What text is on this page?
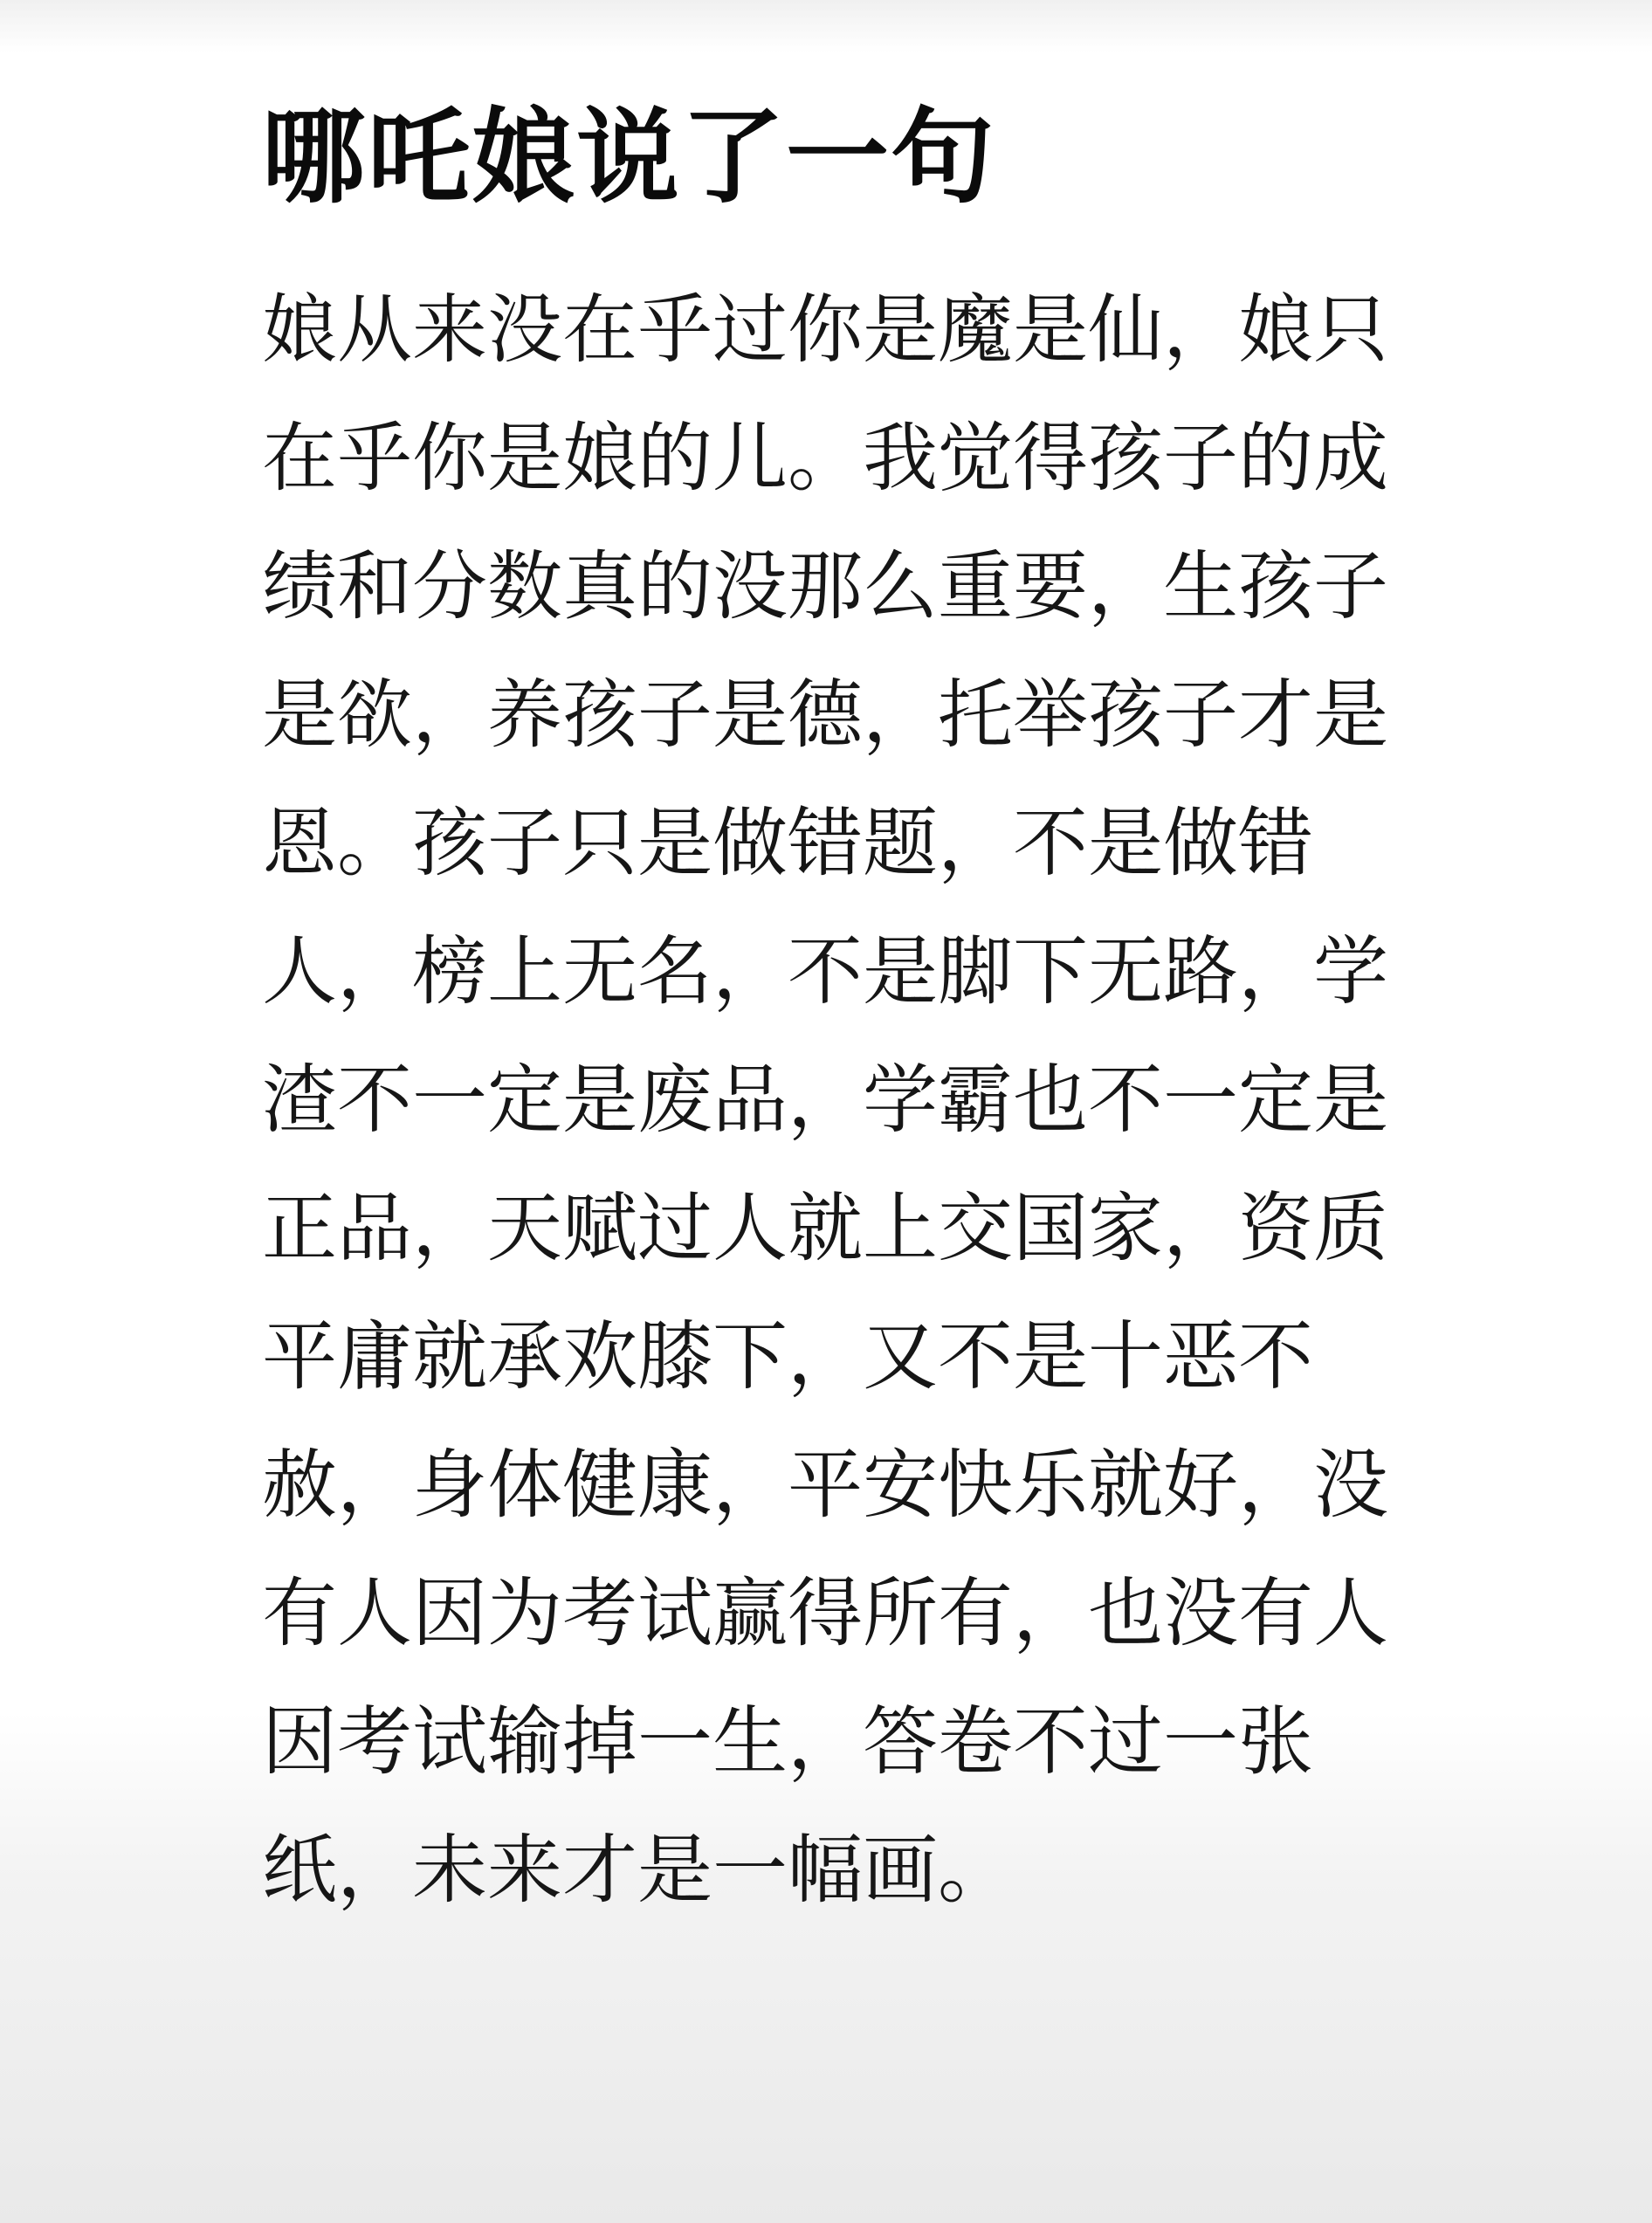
哪吒娘说了一句
娘从来没在乎过你是魔是仙，娘只
在乎你是娘的儿。我觉得孩子的成
绩和分数真的没那么重要，生孩子
是欲，养孩子是德，托举孩子才是
恩。孩子只是做错题，不是做错
人，榜上无名，不是脚下无路，学
渣不一定是废品，学霸也不一定是
正品，天赋过人就上交国家，资质
平庸就承欢膝下，又不是十恶不
赦，身体健康，平安快乐就好，没
有人因为考试赢得所有，也没有人
因考试输掉一生，答卷不过一张
纸，未来才是一幅画。
